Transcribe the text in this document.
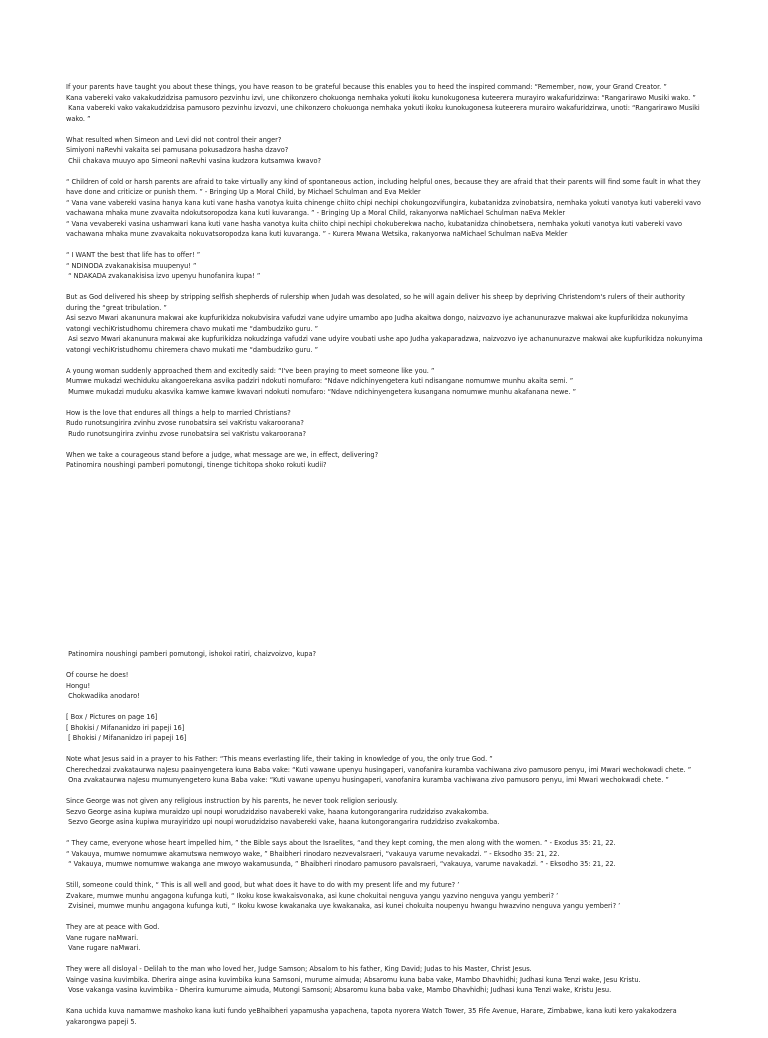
If your parents have taught you about these things, you have reason to be grateful because this enables you to heed the inspired command: “Remember, now, your Grand Creator. ”

Kana vabereki vako vakakudzidzisa pamusoro pezvinhu izvi, une chikonzero chokuonga nemhaka yokuti ikoku kunokugonesa kuteerera murayiro wakafuridzirwa: “Rangarirawo Musiki wako. ”

Kana vabereki vako vakakudzidzisa pamusoro pezvinhu izvozvi, une chikonzero chokuonga nemhaka yokuti ikoku kunokugonesa kuteerera murairo wakafuridzirwa, unoti: “Rangarirawo Musiki wako. ”

What resulted when Simeon and Levi did not control their anger?

Simiyoni naRevhi vakaita sei pamusana pokusadzora hasha dzavo?

Chii chakava muuyo apo Simeoni naRevhi vasina kudzora kutsamwa kwavo?

“ Children of cold or harsh parents are afraid to take virtually any kind of spontaneous action, including helpful ones, because they are afraid that their parents will find some fault in what they have done and criticize or punish them. ” - Bringing Up a Moral Child, by Michael Schulman and Eva Mekler

“ Vana vane vabereki vasina hanya kana kuti vane hasha vanotya kuita chinenge chiito chipi nechipi chokungozvifungira, kubatanidza zvinobatsira, nemhaka yokuti vanotya kuti vabereki vavo vachawana mhaka mune zvavaita ndokutsoropodza kana kuti kuvaranga. ” - Bringing Up a Moral Child, rakanyorwa naMichael Schulman naEva Mekler

“ Vana vevabereki vasina ushamwari kana kuti vane hasha vanotya kuita chiito chipi nechipi chokuberekwa nacho, kubatanidza chinobetsera, nemhaka yokuti vanotya kuti vabereki vavo vachawana mhaka mune zvavakaita nokuvatsoropodza kana kuti kuvaranga. ” - Kurera Mwana Wetsika, rakanyorwa naMichael Schulman naEva Mekler

“ I WANT the best that life has to offer! ”

“ NDINODA zvakanakisisa muupenyu! ”

“ NDAKADA zvakanakisisa izvo upenyu hunofanira kupa! ”

But as God delivered his sheep by stripping selfish shepherds of rulership when Judah was desolated, so he will again deliver his sheep by depriving Christendom's rulers of their authority during the “great tribulation. ”

Asi sezvo Mwari akanunura makwai ake kupfurikidza nokubvisira vafudzi vane udyire umambo apo Judha akaitwa dongo, naizvozvo iye achanunurazve makwai ake kupfurikidza nokunyima vatongi vechiKristudhomu chiremera chavo mukati me “dambudziko guru. ”

Asi sezvo Mwari akanunura makwai ake kupfurikidza nokudzinga vafudzi vane udyire voubati ushe apo Judha yakaparadzwa, naizvozvo iye achanunurazve makwai ake kupfurikidza nokunyima vatongi vechiKristudhomu chiremera chavo mukati me “dambudziko guru. ”

A young woman suddenly approached them and excitedly said: “I've been praying to meet someone like you. ”

Mumwe mukadzi wechiduku akangoerekana asvika padziri ndokuti nomufaro: “Ndave ndichinyengetera kuti ndisangane nomumwe munhu akaita semi. ”

Mumwe mukadzi muduku akasvika kamwe kamwe kwavari ndokuti nomufaro: “Ndave ndichinyengetera kusangana nomumwe munhu akafanana newe. ”

How is the love that endures all things a help to married Christians?

Rudo runotsungirira zvinhu zvose runobatsira sei vaKristu vakaroorana?

Rudo runotsungirira zvinhu zvose runobatsira sei vaKristu vakaroorana?

When we take a courageous stand before a judge, what message are we, in effect, delivering?

Patinomira noushingi pamberi pomutongi, tinenge tichitopa shoko rokuti kudii?

Patinomira noushingi pamberi pomutongi, ishokoi ratiri, chaizvoizvo, kupa?

Of course he does!

Hongu!

Chokwadika anodaro!

[ Box / Pictures on page 16]

[ Bhokisi / Mifananidzo iri papeji 16]

[ Bhokisi / Mifananidzo iri papeji 16]

Note what Jesus said in a prayer to his Father: “This means everlasting life, their taking in knowledge of you, the only true God. ”

Cherechedzai zvakataurwa naJesu paainyengetera kuna Baba vake: “Kuti vawane upenyu husingaperi, vanofanira kuramba vachiwana zivo pamusoro penyu, imi Mwari wechokwadi chete. ”

Ona zvakataurwa naJesu mumunyengetero kuna Baba vake: “Kuti vawane upenyu husingaperi, vanofanira kuramba vachiwana zivo pamusoro penyu, imi Mwari wechokwadi chete. ”

Since George was not given any religious instruction by his parents, he never took religion seriously.

Sezvo George asina kupiwa muraidzo upi noupi worudzidziso navabereki vake, haana kutongorangarira rudzidziso zvakakomba.

Sezvo George asina kupiwa murayiridzo upi noupi worudzidziso navabereki vake, haana kutongorangarira rudzidziso zvakakomba.

“ They came, everyone whose heart impelled him, ” the Bible says about the Israelites, “and they kept coming, the men along with the women. ” - Exodus 35: 21, 22.

“ Vakauya, mumwe nomumwe akamutswa nemwoyo wake, ” Bhaibheri rinodaro nezvevaIsraeri, “vakauya varume nevakadzi. ” - Eksodho 35: 21, 22.

“ Vakauya, mumwe nomumwe wakanga ane mwoyo wakamusunda, ” Bhaibheri rinodaro pamusoro pavaIsraeri, “vakauya, varume navakadzi. ” - Eksodho 35: 21, 22.

Still, someone could think, “ This is all well and good, but what does it have to do with my present life and my future? ’

Zvakare, mumwe munhu angagona kufunga kuti, “ Ikoku kose kwakaisvonaka, asi kune chokuitai nenguva yangu yazvino nenguva yangu yemberi? ’

Zvisinei, mumwe munhu angagona kufunga kuti, “ Ikoku kwose kwakanaka uye kwakanaka, asi kunei chokuita noupenyu hwangu hwazvino nenguva yangu yemberi? ’

They are at peace with God.

Vane rugare naMwari.

Vane rugare naMwari.

They were all disloyal - Delilah to the man who loved her, Judge Samson; Absalom to his father, King David; Judas to his Master, Christ Jesus.

Vainge vasina kuvimbika. Dherira ainge asina kuvimbika kuna Samsoni, murume aimuda; Absaromu kuna baba vake, Mambo Dhavhidhi; Judhasi kuna Tenzi wake, Jesu Kristu.

Vose vakanga vasina kuvimbika - Dherira kumurume aimuda, Mutongi Samsoni; Absaromu kuna baba vake, Mambo Dhavhidhi; Judhasi kuna Tenzi wake, Kristu Jesu.

Kana uchida kuva namamwe mashoko kana kuti fundo yeBhaibheri yapamusha yapachena, tapota nyorera Watch Tower, 35 Fife Avenue, Harare, Zimbabwe, kana kuti kero yakakodzera yakarongwa papeji 5.
